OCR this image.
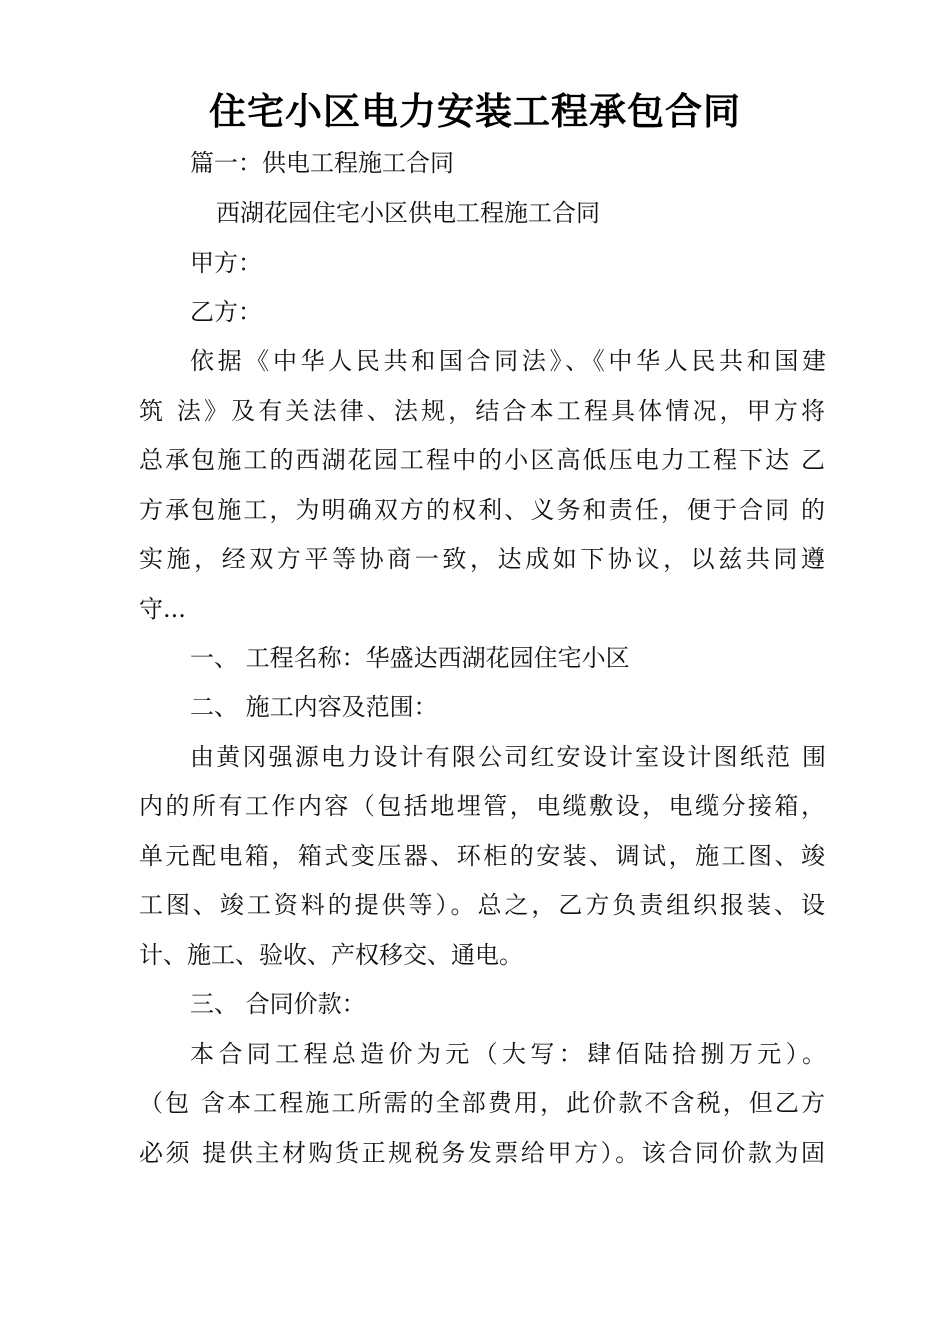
住宅小区电力安装工程承包合同
篇一：供电工程施工合同
西湖花园住宅小区供电工程施工合同
甲方：
乙方：
依据《中华人民共和国合同法》、《中华人民共和国建
筑 法》及有关法律、法规，结合本工程具体情况，甲方将
总承包施工的西湖花园工程中的小区高低压电力工程下达 乙
方承包施工，为明确双方的权利、义务和责任，便于合同 的
实施，经双方平等协商一致，达成如下协议，以兹共同遵
守...
一、 工程名称：华盛达西湖花园住宅小区
二、 施工内容及范围：
由黄冈强源电力设计有限公司红安设计室设计图纸范 围
内的所有工作内容（包括地埋管，电缆敷设，电缆分接箱，
单元配电箱，箱式变压器、环柜的安装、调试，施工图、竣
工图、竣工资料的提供等）。总之，乙方负责组织报装、设
计、施工、验收、产权移交、通电。
三、 合同价款：
本合同工程总造价为元（大写：肆佰陆拾捌万元）。
（包 含本工程施工所需的全部费用，此价款不含税，但乙方
必须 提供主材购货正规税务发票给甲方）。该合同价款为固
